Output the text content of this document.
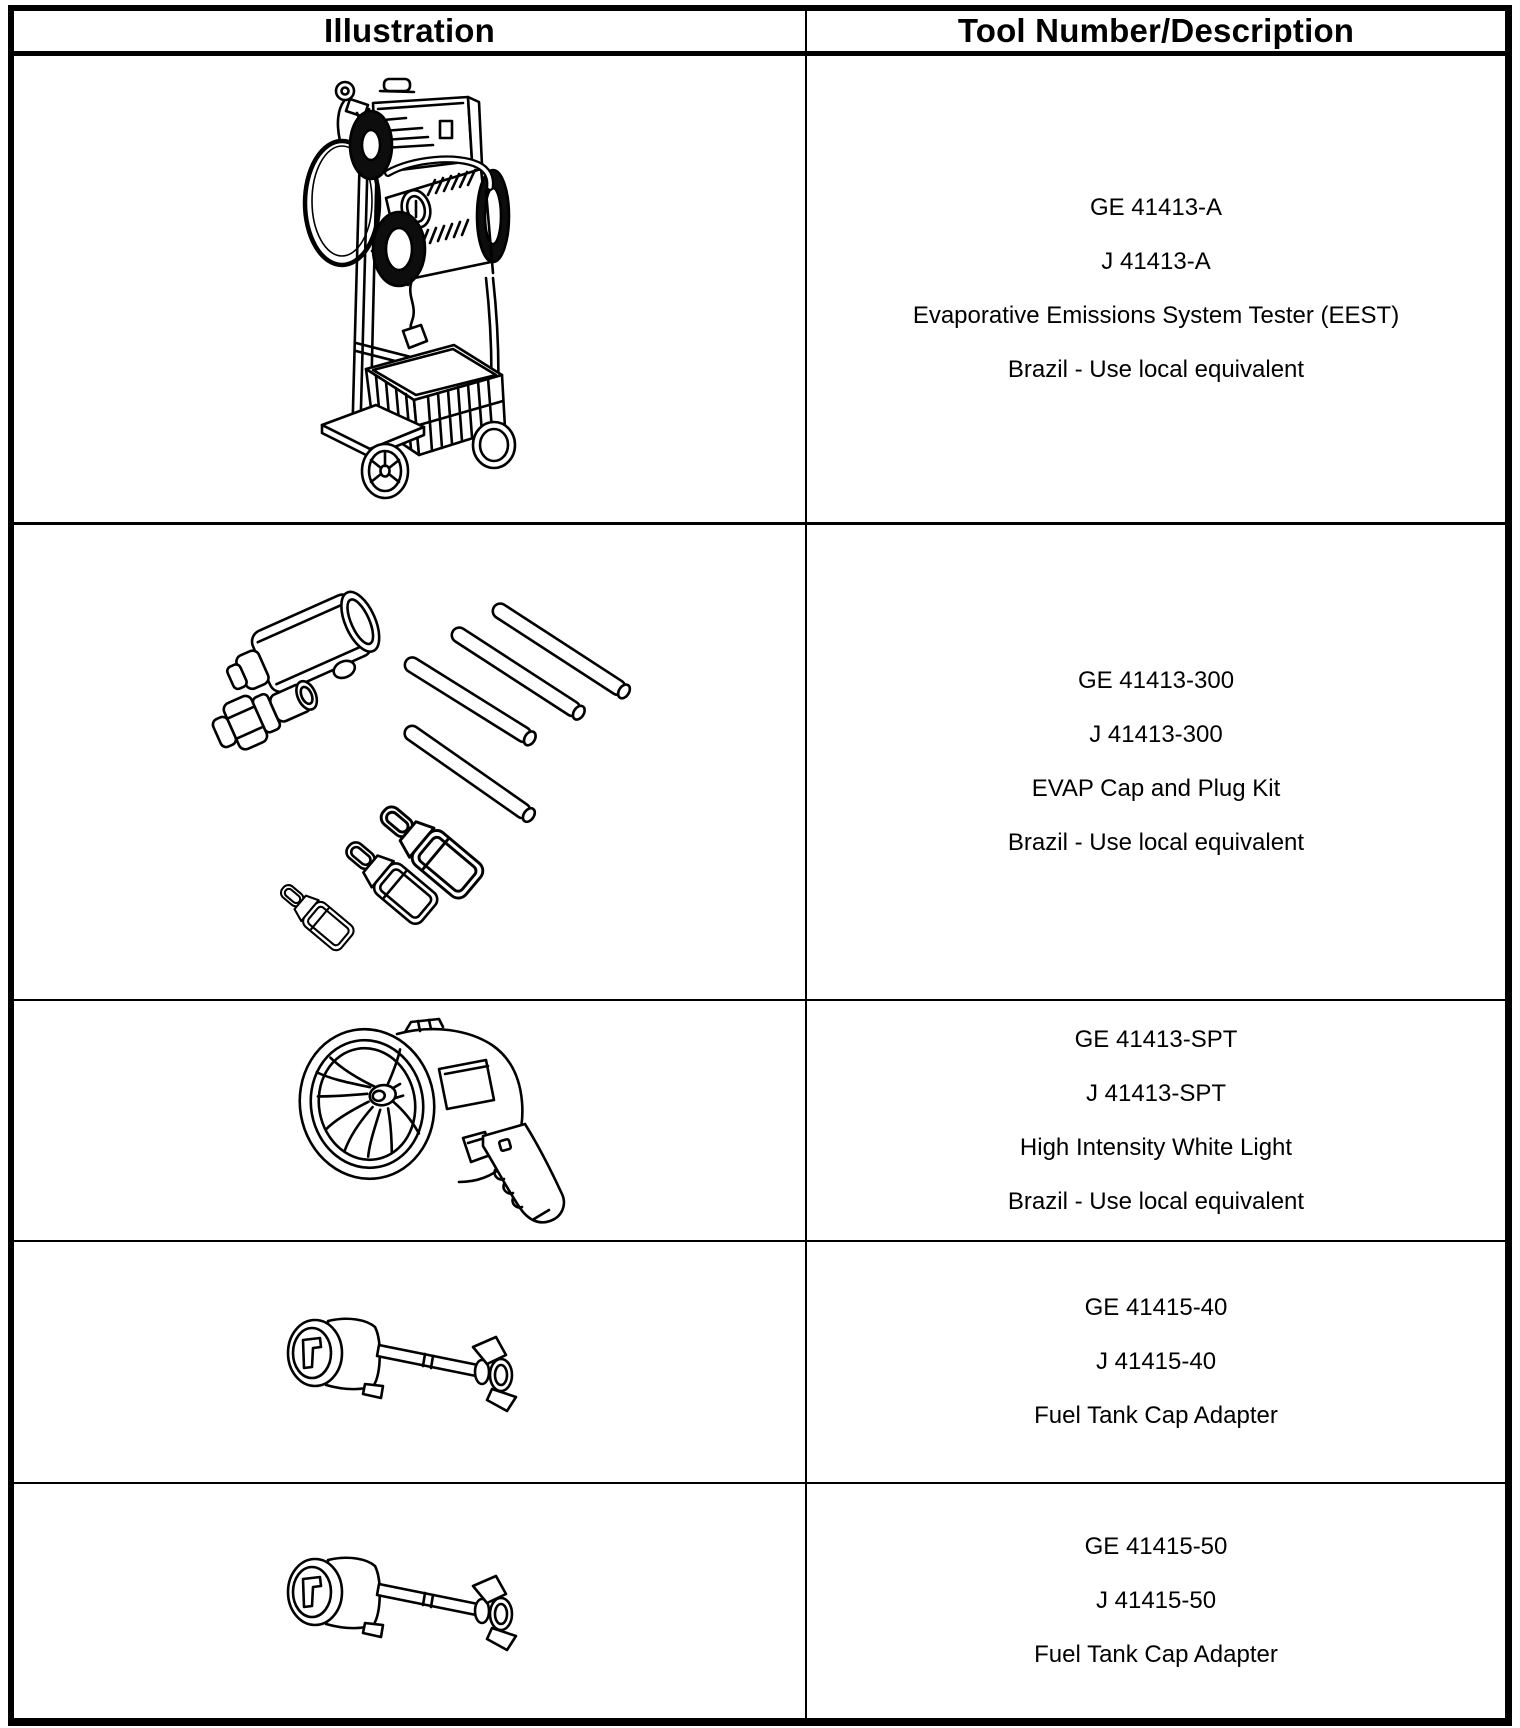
Illustration	Tool Number/Description
GE 41413-A
J 41413-A
Evaporative Emissions System Tester (EEST)
Brazil - Use local equivalent
GE 41413-300
J 41413-300
EVAP Cap and Plug Kit
Brazil - Use local equivalent
GE 41413-SPT
J 41413-SPT
High Intensity White Light
Brazil - Use local equivalent
GE 41415-40
J 41415-40
Fuel Tank Cap Adapter
GE 41415-50
J 41415-50
Fuel Tank Cap Adapter
